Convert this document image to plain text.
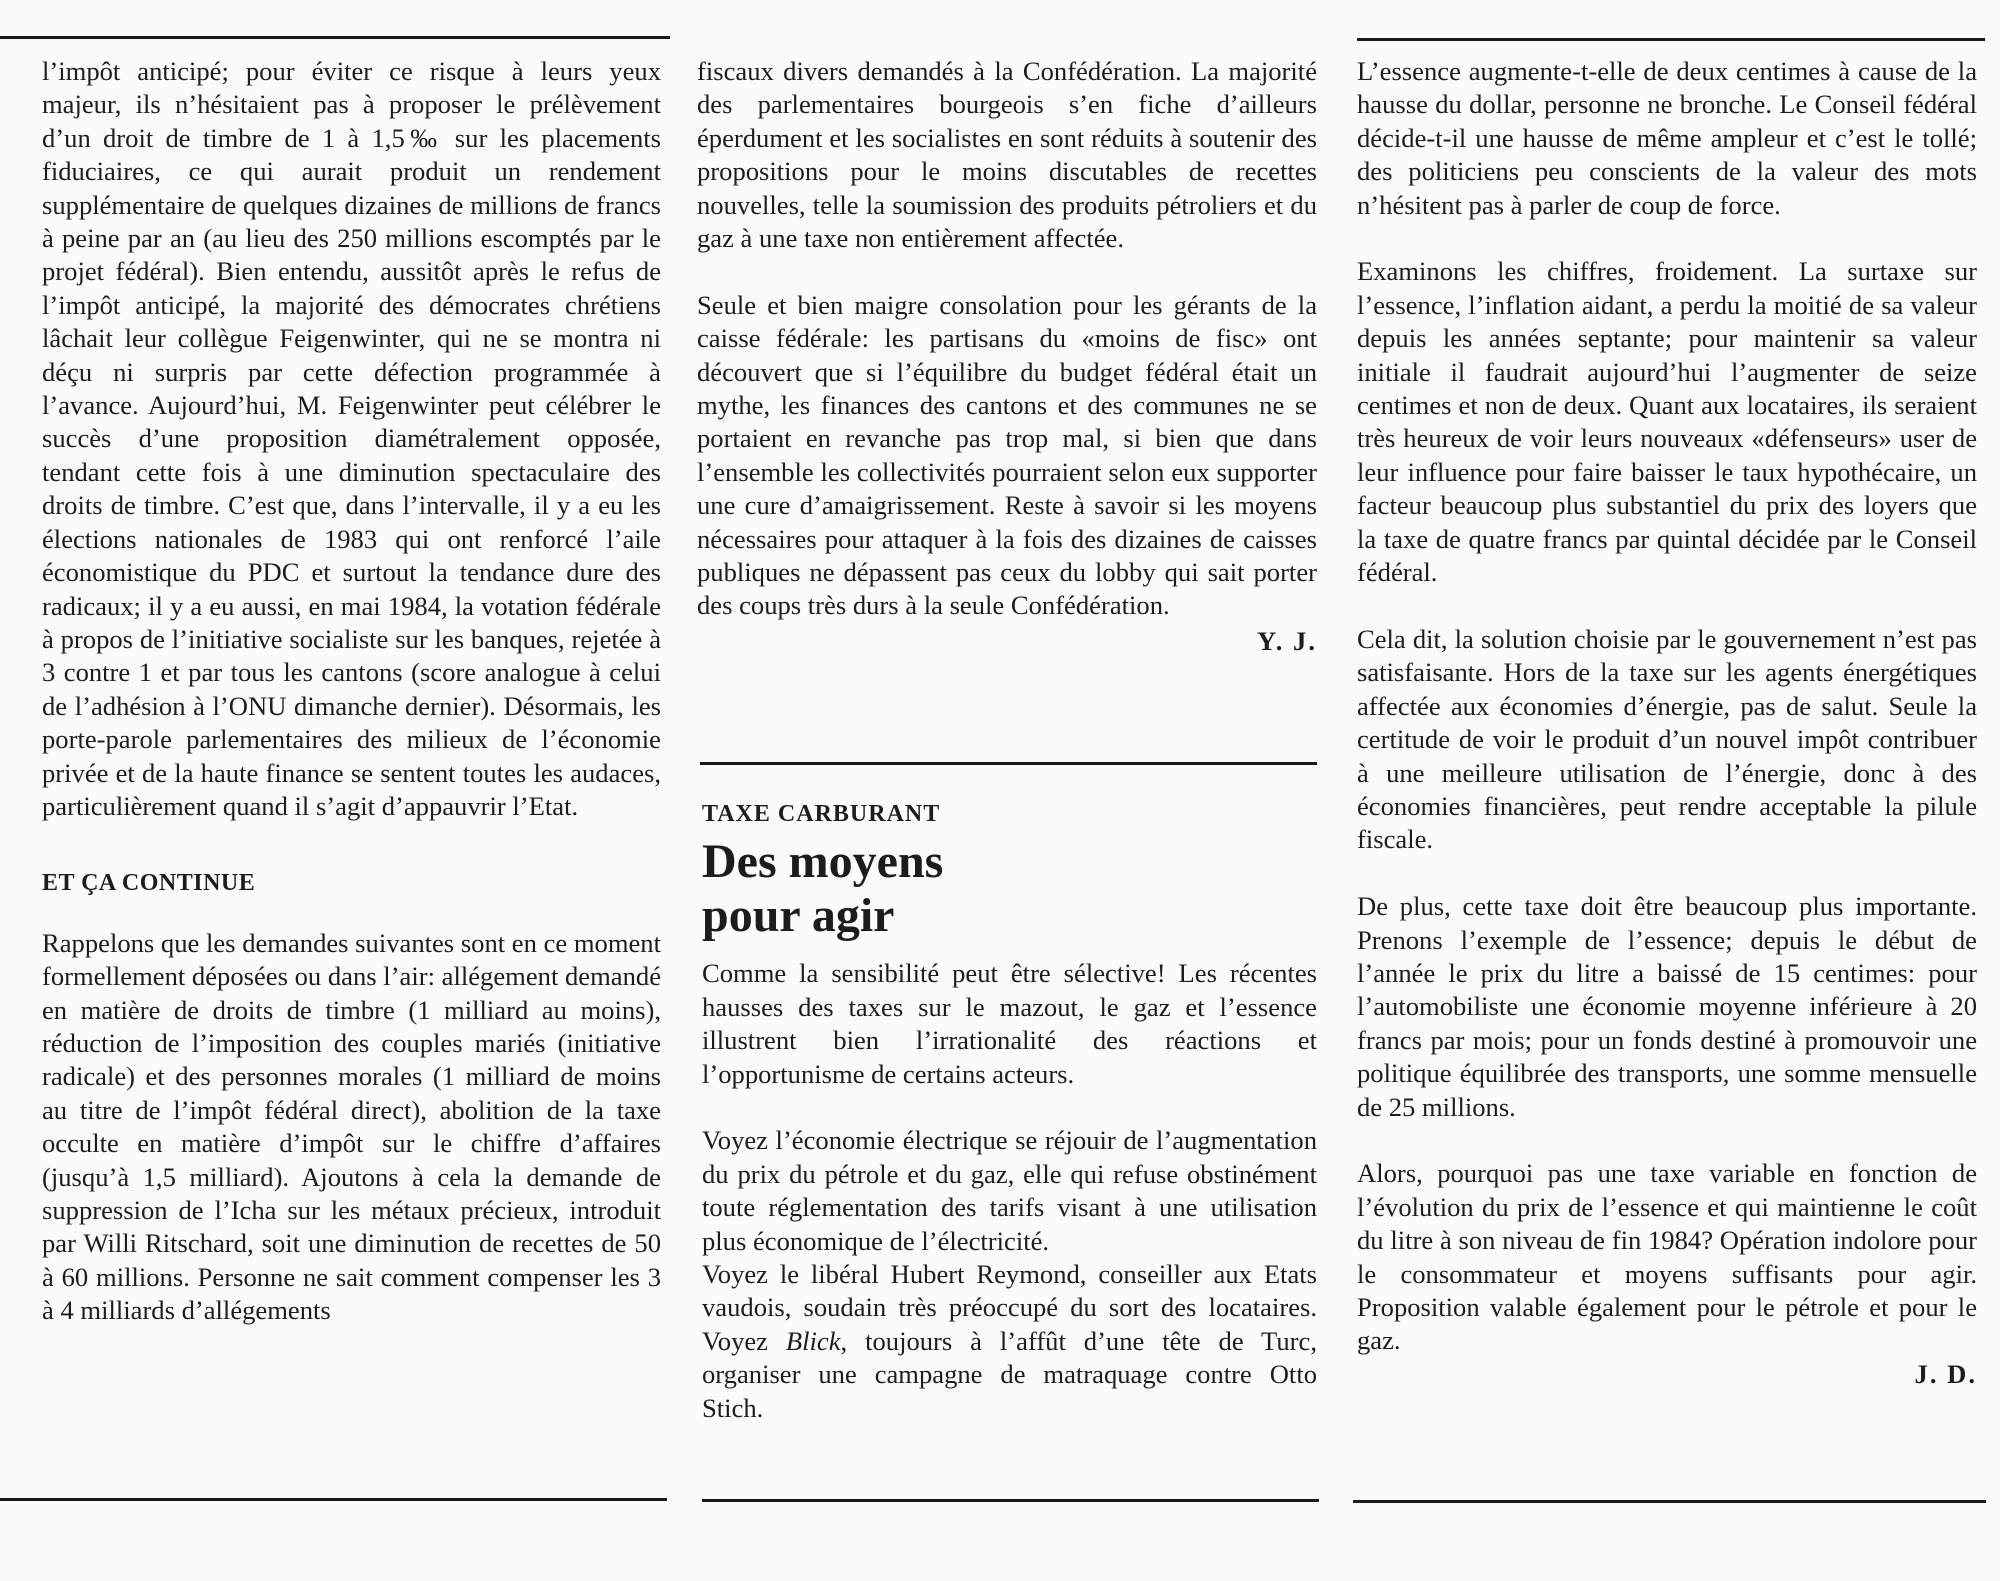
l’impôt anticipé; pour éviter ce risque à leurs yeux majeur, ils n’hésitaient pas à proposer le prélèvement d’un droit de timbre de 1 à 1,5‰ sur les placements fiduciaires, ce qui aurait produit un rendement supplémentaire de quelques dizaines de millions de francs à peine par an (au lieu des 250 millions escomptés par le projet fédéral). Bien entendu, aussitôt après le refus de l’impôt anticipé, la majorité des démocrates chrétiens lâchait leur collègue Feigenwinter, qui ne se montra ni déçu ni surpris par cette défection programmée à l’avance. Aujourd’hui, M. Feigenwinter peut célébrer le succès d’une proposition diamétralement opposée, tendant cette fois à une diminution spectaculaire des droits de timbre. C’est que, dans l’intervalle, il y a eu les élections nationales de 1983 qui ont renforcé l’aile économistique du PDC et surtout la tendance dure des radicaux; il y a eu aussi, en mai 1984, la votation fédérale à propos de l’initiative socialiste sur les banques, rejetée à 3 contre 1 et par tous les cantons (score analogue à celui de l’adhésion à l’ONU dimanche dernier). Désormais, les porte-parole parlementaires des milieux de l’économie privée et de la haute finance se sentent toutes les audaces, particulièrement quand il s’agit d’appauvrir l’Etat.

ET ÇA CONTINUE

Rappelons que les demandes suivantes sont en ce moment formellement déposées ou dans l’air: allégement demandé en matière de droits de timbre (1 milliard au moins), réduction de l’imposition des couples mariés (initiative radicale) et des personnes morales (1 milliard de moins au titre de l’impôt fédéral direct), abolition de la taxe occulte en matière d’impôt sur le chiffre d’affaires (jusqu’à 1,5 milliard). Ajoutons à cela la demande de suppression de l’Icha sur les métaux précieux, introduit par Willi Ritschard, soit une diminution de recettes de 50 à 60 millions. Personne ne sait comment compenser les 3 à 4 milliards d’allégements

fiscaux divers demandés à la Confédération. La majorité des parlementaires bourgeois s’en fiche d’ailleurs éperdument et les socialistes en sont réduits à soutenir des propositions pour le moins discutables de recettes nouvelles, telle la soumission des produits pétroliers et du gaz à une taxe non entièrement affectée.

Seule et bien maigre consolation pour les gérants de la caisse fédérale: les partisans du «moins de fisc» ont découvert que si l’équilibre du budget fédéral était un mythe, les finances des cantons et des communes ne se portaient en revanche pas trop mal, si bien que dans l’ensemble les collectivités pourraient selon eux supporter une cure d’amaigrissement. Reste à savoir si les moyens nécessaires pour attaquer à la fois des dizaines de caisses publiques ne dépassent pas ceux du lobby qui sait porter des coups très durs à la seule Confédération.

Y. J.

TAXE CARBURANT

Des moyens
pour agir

Comme la sensibilité peut être sélective! Les récentes hausses des taxes sur le mazout, le gaz et l’essence illustrent bien l’irrationalité des réactions et l’opportunisme de certains acteurs.

Voyez l’économie électrique se réjouir de l’augmentation du prix du pétrole et du gaz, elle qui refuse obstinément toute réglementation des tarifs visant à une utilisation plus économique de l’électricité.

Voyez le libéral Hubert Reymond, conseiller aux Etats vaudois, soudain très préoccupé du sort des locataires. Voyez Blick, toujours à l’affût d’une tête de Turc, organiser une campagne de matraquage contre Otto Stich.

L’essence augmente-t-elle de deux centimes à cause de la hausse du dollar, personne ne bronche. Le Conseil fédéral décide-t-il une hausse de même ampleur et c’est le tollé; des politiciens peu conscients de la valeur des mots n’hésitent pas à parler de coup de force.

Examinons les chiffres, froidement. La surtaxe sur l’essence, l’inflation aidant, a perdu la moitié de sa valeur depuis les années septante; pour maintenir sa valeur initiale il faudrait aujourd’hui l’augmenter de seize centimes et non de deux. Quant aux locataires, ils seraient très heureux de voir leurs nouveaux «défenseurs» user de leur influence pour faire baisser le taux hypothécaire, un facteur beaucoup plus substantiel du prix des loyers que la taxe de quatre francs par quintal décidée par le Conseil fédéral.

Cela dit, la solution choisie par le gouvernement n’est pas satisfaisante. Hors de la taxe sur les agents énergétiques affectée aux économies d’énergie, pas de salut. Seule la certitude de voir le produit d’un nouvel impôt contribuer à une meilleure utilisation de l’énergie, donc à des économies financières, peut rendre acceptable la pilule fiscale.

De plus, cette taxe doit être beaucoup plus importante. Prenons l’exemple de l’essence; depuis le début de l’année le prix du litre a baissé de 15 centimes: pour l’automobiliste une économie moyenne inférieure à 20 francs par mois; pour un fonds destiné à promouvoir une politique équilibrée des transports, une somme mensuelle de 25 millions.

Alors, pourquoi pas une taxe variable en fonction de l’évolution du prix de l’essence et qui maintienne le coût du litre à son niveau de fin 1984? Opération indolore pour le consommateur et moyens suffisants pour agir. Proposition valable également pour le pétrole et pour le gaz.

J. D.
